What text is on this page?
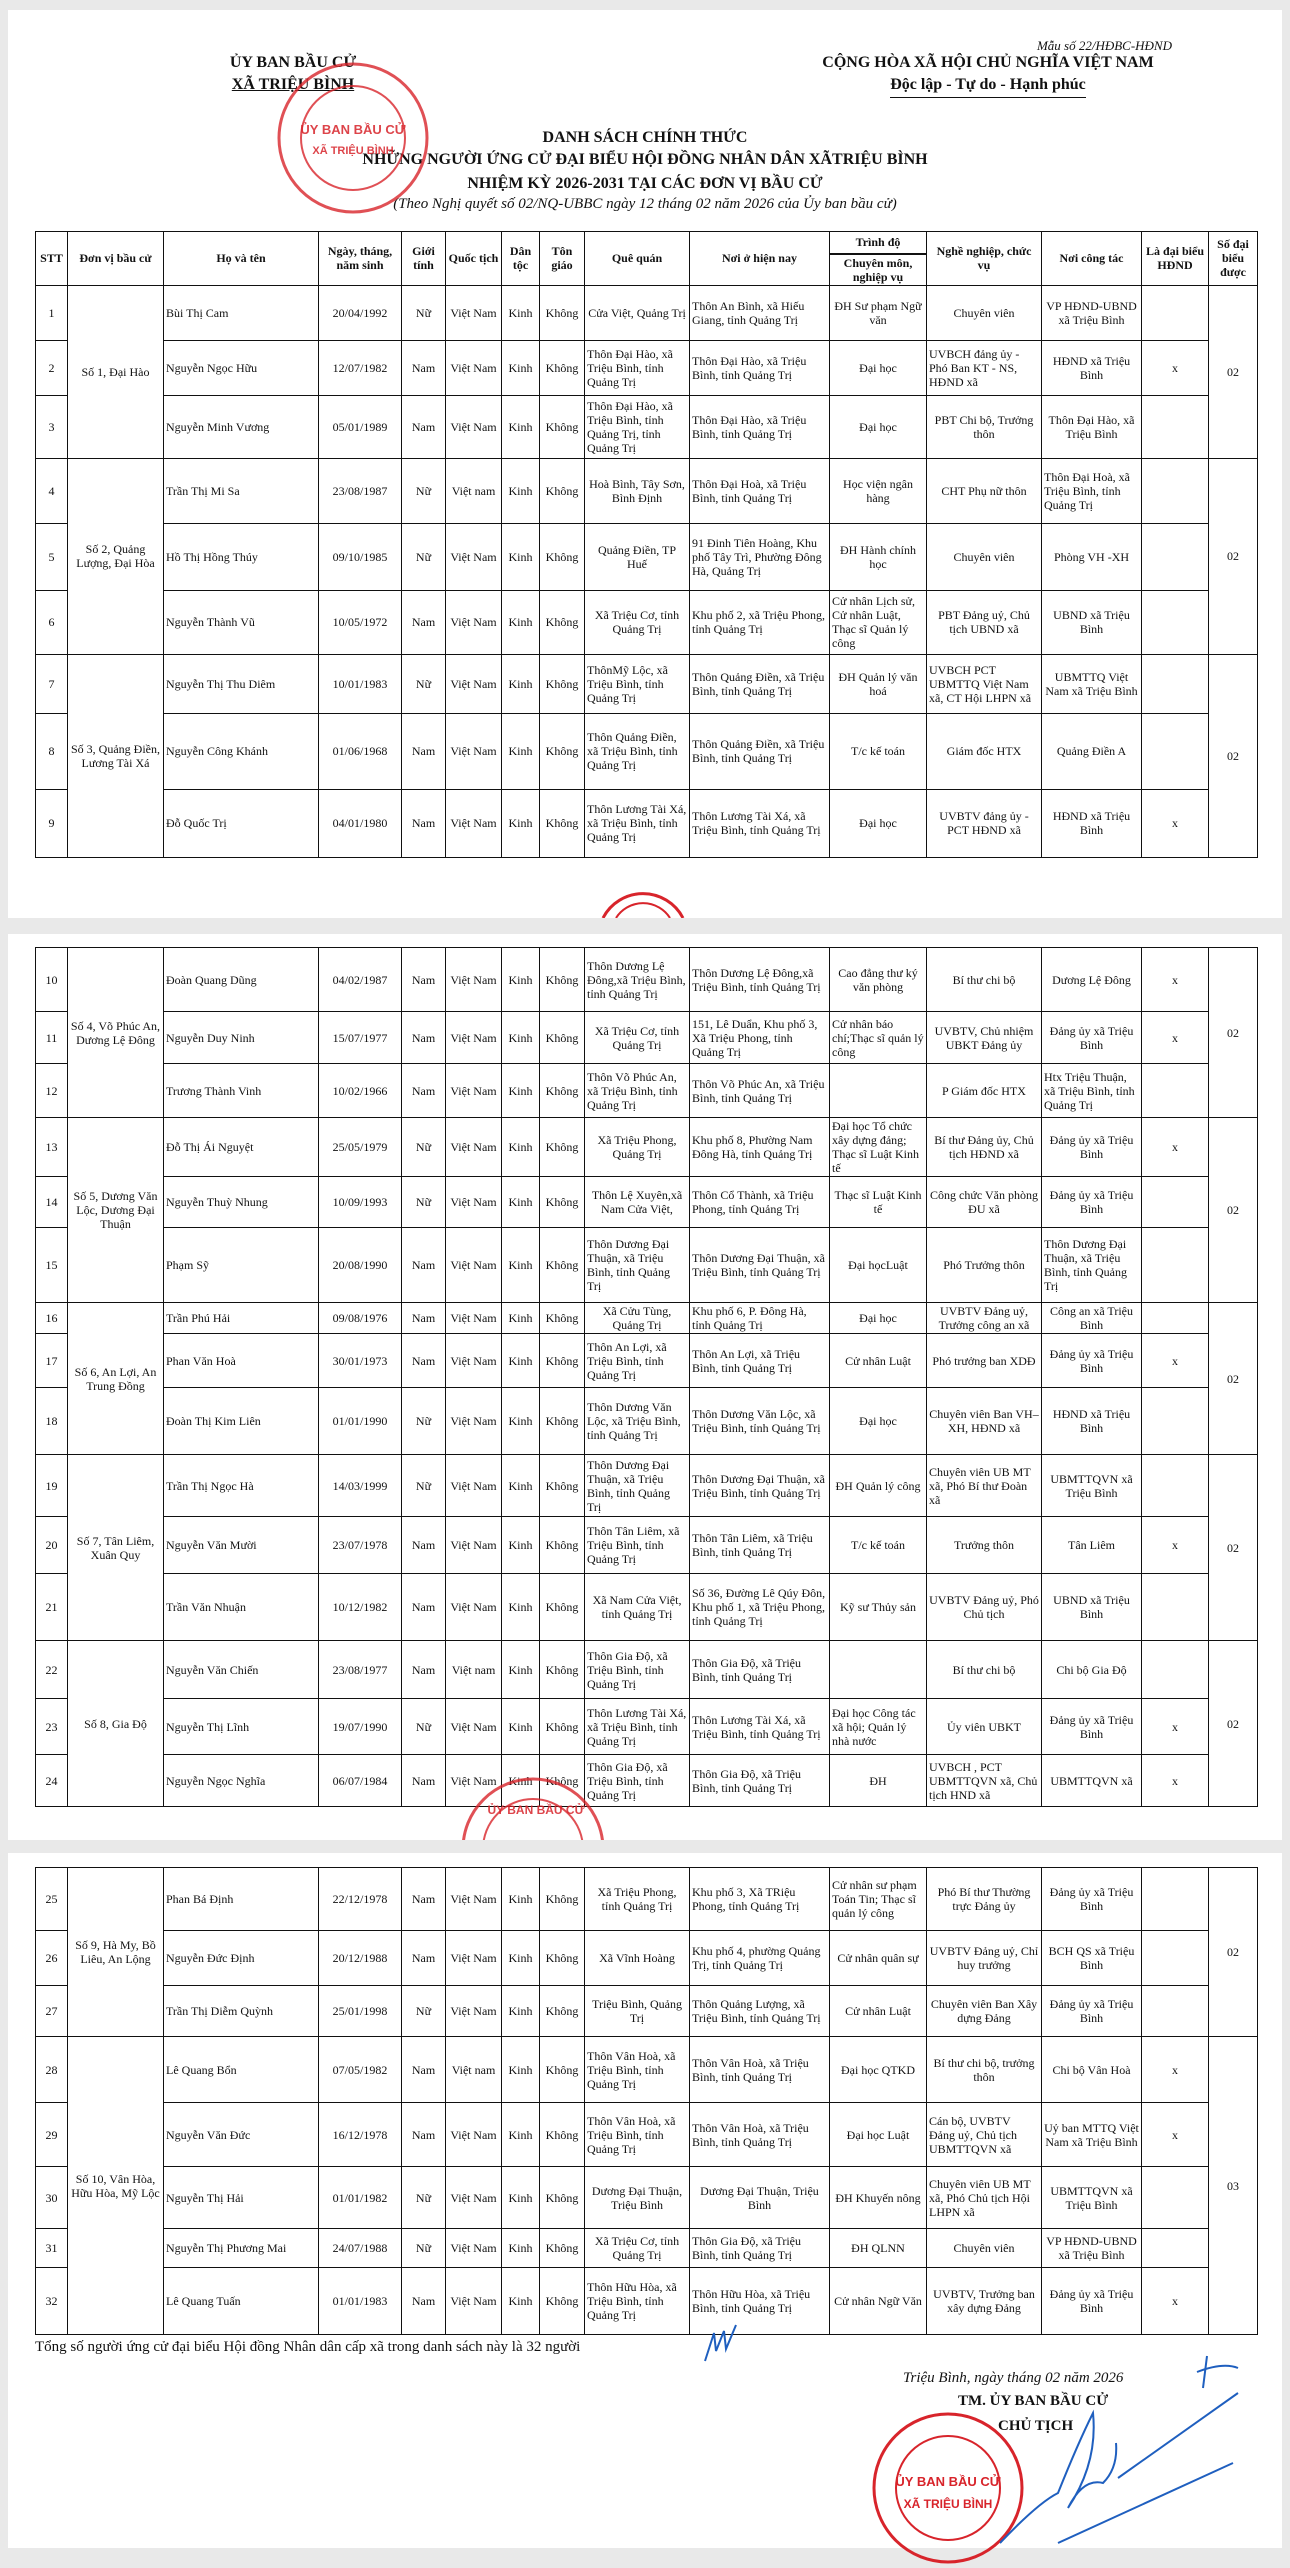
Mẫu số 22/HĐBC-HĐND
ỦY BAN BẦU CỬ
XÃ TRIỆU BÌNH
CỘNG HÒA XÃ HỘI CHỦ NGHĨA VIỆT NAM
Độc lập - Tự do - Hạnh phúc
DANH SÁCH CHÍNH THỨC
NHỮNG NGƯỜI ỨNG CỬ ĐẠI BIỂU HỘI ĐỒNG NHÂN DÂN XÃTRIỆU BÌNH
NHIỆM KỲ 2026-2031 TẠI CÁC ĐƠN VỊ BẦU CỬ
(Theo Nghị quyết số 02/NQ-UBBC ngày 12 tháng 02 năm 2026 của Ủy ban bầu cử)
STT	Đơn vị bầu cử	Họ và tên	Ngày, tháng, năm sinh	Giới tính	Quốc tịch	Dân tộc	Tôn giáo	Quê quán	Nơi ở hiện nay	Trình độ	Nghề nghiệp, chức vụ	Nơi công tác	Là đại biểu HĐND	Số đại biểu được
										Chuyên môn, nghiệp vụ				
1	Số 1, Đại Hào	Bùi Thị Cam	20/04/1992	Nữ	Việt Nam	Kinh	Không	Cửa Việt, Quảng Trị	Thôn An Bình, xã Hiếu Giang, tỉnh Quảng Trị	ĐH Sư phạm Ngữ văn	Chuyên viên	VP HĐND-UBND xã Triệu Bình		02
2		Nguyễn Ngọc Hữu	12/07/1982	Nam	Việt Nam	Kinh	Không	Thôn Đại Hào, xã Triệu Bình, tỉnh Quảng Trị	Thôn Đại Hào, xã Triệu Bình, tỉnh Quảng Trị	Đại học	UVBCH đảng ủy - Phó Ban KT - NS, HĐND xã	HĐND xã Triệu Bình	x	
3		Nguyễn Minh Vương	05/01/1989	Nam	Việt Nam	Kinh	Không	Thôn Đại Hào, xã Triệu Bình, tỉnh Quảng Trị, tỉnh Quảng Trị	Thôn Đại Hào, xã Triệu Bình, tỉnh Quảng Trị	Đại học	PBT Chi bộ, Trưởng thôn	Thôn Đại Hào, xã Triệu Bình		
4	Số 2, Quảng Lượng, Đại Hòa	Trần Thị Mi Sa	23/08/1987	Nữ	Việt nam	Kinh	Không	Hoà Bình, Tây Sơn, Bình Định	Thôn Đại Hoà, xã Triệu Bình, tỉnh Quảng Trị	Học viện ngân hàng	CHT Phụ nữ thôn	Thôn Đại Hoà, xã Triệu Bình, tỉnh Quảng Trị		02
5		Hồ Thị Hồng Thúy	09/10/1985	Nữ	Việt Nam	Kinh	Không	Quảng Điền, TP Huế	91 Đinh Tiên Hoàng, Khu phố Tây Trì, Phường Đông Hà, Quảng Trị	ĐH Hành chính học	Chuyên viên	Phòng VH -XH		
6		Nguyễn Thành Vũ	10/05/1972	Nam	Việt Nam	Kinh	Không	Xã Triệu Cơ, tỉnh Quảng Trị	Khu phố 2, xã Triệu Phong, tỉnh Quảng Trị	Cử nhân Lịch sử, Cử nhân Luật, Thạc sĩ Quản lý công	PBT Đảng uỷ, Chủ tịch UBND xã	UBND xã Triệu Bình		
7	Số 3, Quảng Điền, Lương Tài Xá	Nguyễn Thị Thu Diêm	10/01/1983	Nữ	Việt Nam	Kinh	Không	ThônMỹ Lộc, xã Triệu Bình, tỉnh Quảng Trị	Thôn Quảng Điền, xã Triệu Bình, tỉnh Quảng Trị	ĐH Quản lý văn hoá	UVBCH PCT UBMTTQ Việt Nam xã, CT Hội LHPN xã	UBMTTQ Việt Nam xã Triệu Bình		02
8		Nguyễn Công Khánh	01/06/1968	Nam	Việt Nam	Kinh	Không	Thôn Quảng Điền, xã Triệu Bình, tỉnh Quảng Trị	Thôn Quảng Điền, xã Triệu Bình, tỉnh Quảng Trị	T/c kế toán	Giám đốc HTX	Quảng Điền A		
9		Đỗ Quốc Trị	04/01/1980	Nam	Việt Nam	Kinh	Không	Thôn Lương Tài Xá, xã Triệu Bình, tỉnh Quảng Trị	Thôn Lương Tài Xá, xã Triệu Bình, tỉnh Quảng Trị	Đại học	UVBTV đảng ủy - PCT HĐND xã	HĐND xã Triệu Bình	x	
ỦY BAN BẦU CỬ
XÃ TRIỆU BÌNH
10	Số 4, Võ Phúc An, Dương Lệ Đông	Đoàn Quang Dũng	04/02/1987	Nam	Việt Nam	Kinh	Không	Thôn Dương Lệ Đông,xã Triệu Bình, tỉnh Quảng Trị	Thôn Dương Lệ Đông,xã Triệu Bình, tỉnh Quảng Trị	Cao đẳng thư ký văn phòng	Bí thư chi bộ	Dương Lệ Đông	x	02
11		Nguyễn Duy Ninh	15/07/1977	Nam	Việt Nam	Kinh	Không	Xã Triệu Cơ, tỉnh Quảng Trị	151, Lê Duẩn, Khu phố 3, Xã Triệu Phong, tỉnh Quảng Trị	Cử nhân báo chí;Thạc sĩ quản lý công	UVBTV, Chủ nhiệm UBKT Đảng ủy	Đảng ủy xã Triệu Bình	x	
12		Trương Thành Vinh	10/02/1966	Nam	Việt Nam	Kinh	Không	Thôn Võ Phúc An, xã Triệu Bình, tỉnh Quảng Trị	Thôn Võ Phúc An, xã Triệu Bình, tỉnh Quảng Trị		P Giám đốc HTX	Htx Triệu Thuận, xã Triệu Bình, tỉnh Quảng Trị		
13	Số 5, Dương Văn Lộc, Dương Đại Thuận	Đỗ Thị Ái Nguyệt	25/05/1979	Nữ	Việt Nam	Kinh	Không	Xã Triệu Phong, Quảng Trị	Khu phố 8, Phường Nam Đông Hà, tỉnh Quảng Trị	Đại học Tổ chức xây dựng đảng; Thạc sĩ Luật Kinh tế	Bí thư Đảng ủy, Chủ tịch HĐND xã	Đảng ủy xã Triệu Bình	x	02
14		Nguyễn Thuỳ Nhung	10/09/1993	Nữ	Việt Nam	Kinh	Không	Thôn Lệ Xuyên,xã Nam Cửa Việt,	Thôn Cổ Thành, xã Triệu Phong, tỉnh Quảng Trị	Thạc sĩ Luật Kinh tế	Công chức Văn phòng ĐU xã	Đảng ủy xã Triệu Bình		
15		Phạm Sỹ	20/08/1990	Nam	Việt Nam	Kinh	Không	Thôn Dương Đại Thuận, xã Triệu Bình, tỉnh Quảng Trị	Thôn Dương Đại Thuận, xã Triệu Bình, tỉnh Quảng Trị	Đại họcLuật	Phó Trưởng thôn	Thôn Dương Đại Thuận, xã Triệu Bình, tỉnh Quảng Trị		
16	Số 6, An Lợi, An Trung Đồng	Trần Phú Hải	09/08/1976	Nam	Việt Nam	Kinh	Không	Xã Cửu Tùng, Quảng Trị	Khu phố 6, P. Đông Hà, tỉnh Quảng Trị	Đại học	UVBTV Đảng uỷ, Trưởng công an xã	Công an xã Triệu Bình		02
17		Phan Văn Hoà	30/01/1973	Nam	Việt Nam	Kinh	Không	Thôn An Lợi, xã Triệu Bình, tỉnh Quảng Trị	Thôn An Lợi, xã Triệu Bình, tỉnh Quảng Trị	Cử nhân Luật	Phó trưởng ban XDĐ	Đảng ủy xã Triệu Bình	x	
18		Đoàn Thị Kim Liên	01/01/1990	Nữ	Việt Nam	Kinh	Không	Thôn Dương Văn Lộc, xã Triệu Bình, tỉnh Quảng Trị	Thôn Dương Văn Lộc, xã Triệu Bình, tỉnh Quảng Trị	Đại học	Chuyên viên Ban VH–XH, HĐND xã	HĐND xã Triệu Bình		
19	Số 7, Tân Liêm, Xuân Quy	Trần Thị Ngọc Hà	14/03/1999	Nữ	Việt Nam	Kinh	Không	Thôn Dương Đại Thuận, xã Triệu Bình, tỉnh Quảng Trị	Thôn Dương Đại Thuận, xã Triệu Bình, tỉnh Quảng Trị	ĐH Quản lý công	Chuyên viên UB MT xã, Phó Bí thư Đoàn xã	UBMTTQVN xã Triệu Bình		02
20		Nguyễn Văn Mười	23/07/1978	Nam	Việt Nam	Kinh	Không	Thôn Tân Liêm, xã Triệu Bình, tỉnh Quảng Trị	Thôn Tân Liêm, xã Triệu Bình, tỉnh Quảng Trị	T/c kế toán	Trưởng thôn	Tân Liêm	x	
21		Trần Văn Nhuận	10/12/1982	Nam	Việt Nam	Kinh	Không	Xã Nam Cửa Việt, tỉnh Quảng Trị	Số 36, Đường Lê Qúy Đôn, Khu phố 1, xã Triệu Phong, tỉnh Quảng Trị	Kỹ sư Thủy sản	UVBTV Đảng uỷ, Phó Chủ tịch	UBND xã Triệu Bình		
22	Số 8, Gia Độ	Nguyễn Văn Chiến	23/08/1977	Nam	Việt nam	Kinh	Không	Thôn Gia Độ, xã Triệu Bình, tỉnh Quảng Trị	Thôn Gia Độ, xã Triệu Bình, tỉnh Quảng Trị		Bí thư chi bộ	Chi bộ Gia Độ		02
23		Nguyễn Thị Lĩnh	19/07/1990	Nữ	Việt Nam	Kinh	Không	Thôn Lương Tài Xá, xã Triệu Bình, tỉnh Quảng Trị	Thôn Lương Tài Xá, xã Triệu Bình, tỉnh Quảng Trị	Đại học Công tác xã hội; Quản lý nhà nước	Ủy viên UBKT	Đảng ủy xã Triệu Bình	x	
24		Nguyễn Ngọc Nghĩa	06/07/1984	Nam	Việt Nam	Kinh	Không	Thôn Gia Độ, xã Triệu Bình, tỉnh Quảng Trị	Thôn Gia Độ, xã Triệu Bình, tỉnh Quảng Trị	ĐH	UVBCH , PCT UBMTTQVN xã, Chủ tịch HND xã	UBMTTQVN xã	x	
ỦY BAN BẦU CỬ
25	Số 9, Hà My, Bồ Liêu, An Lộng	Phan Bá Định	22/12/1978	Nam	Việt Nam	Kinh	Không	Xã Triệu Phong, tỉnh Quảng Trị	Khu phố 3, Xã TRiệu Phong, tỉnh Quảng Trị	Cử nhân sư phạm Toán Tin; Thạc sĩ quản lý công	Phó Bí thư Thường trực Đảng ủy	Đảng ủy xã Triệu Bình		02
26		Nguyễn Đức Định	20/12/1988	Nam	Việt Nam	Kinh	Không	Xã Vĩnh Hoàng	Khu phố 4, phường Quảng Trị, tỉnh Quảng Trị	Cử nhân quân sự	UVBTV Đảng uỷ, Chỉ huy trưởng	BCH QS xã Triệu Bình		
27		Trần Thị Diễm Quỳnh	25/01/1998	Nữ	Việt Nam	Kinh	Không	Triệu Bình, Quảng Trị	Thôn Quảng Lượng, xã Triệu Bình, tỉnh Quảng Trị	Cử nhân Luật	Chuyên viên Ban Xây dựng Đảng	Đảng ủy xã Triệu Bình		
28	Số 10, Vân Hòa, Hữu Hòa, Mỹ Lộc	Lê Quang Bổn	07/05/1982	Nam	Việt nam	Kinh	Không	Thôn Vân Hoà, xã Triệu Bình, tỉnh Quảng Trị	Thôn Vân Hoà, xã Triệu Bình, tỉnh Quảng Trị	Đại học QTKD	Bí thư chi bộ, trưởng thôn	Chi bộ Vân Hoà	x	03
29		Nguyễn Văn Đức	16/12/1978	Nam	Việt Nam	Kinh	Không	Thôn Vân Hoà, xã Triệu Bình, tỉnh Quảng Trị	Thôn Vân Hoà, xã Triệu Bình, tỉnh Quảng Trị	Đại học Luật	Cán bộ, UVBTV Đảng uỷ, Chủ tịch UBMTTQVN xã	Uỷ ban MTTQ Việt Nam xã Triệu Bình	x	
30		Nguyễn Thị Hải	01/01/1982	Nữ	Việt Nam	Kinh	Không	Dương Đại Thuận, Triệu Bình	Dương Đại Thuận, Triệu Bình	ĐH Khuyến nông	Chuyên viên UB MT xã, Phó Chủ tịch Hội LHPN xã	UBMTTQVN xã Triệu Bình		
31		Nguyễn Thị Phương Mai	24/07/1988	Nữ	Việt Nam	Kinh	Không	Xã Triệu Cơ, tỉnh Quảng Trị	Thôn Gia Độ, xã Triệu Bình, tỉnh Quảng Trị	ĐH QLNN	Chuyên viên	VP HĐND-UBND xã Triệu Bình		
32		Lê Quang Tuấn	01/01/1983	Nam	Việt Nam	Kinh	Không	Thôn Hữu Hòa, xã Triệu Bình, tỉnh Quảng Trị	Thôn Hữu Hòa, xã Triệu Bình, tỉnh Quảng Trị	Cử nhân Ngữ Văn	UVBTV, Trưởng ban xây dựng Đảng	Đảng ủy xã Triệu Bình	x	
Tổng số người ứng cử đại biểu Hội đồng Nhân dân cấp xã trong danh sách này là 32 người
Triệu Bình, ngày tháng 02 năm 2026
TM. ỦY BAN BẦU CỬ
CHỦ TỊCH
ỦY BAN BẦU CỬ
XÃ TRIỆU BÌNH
